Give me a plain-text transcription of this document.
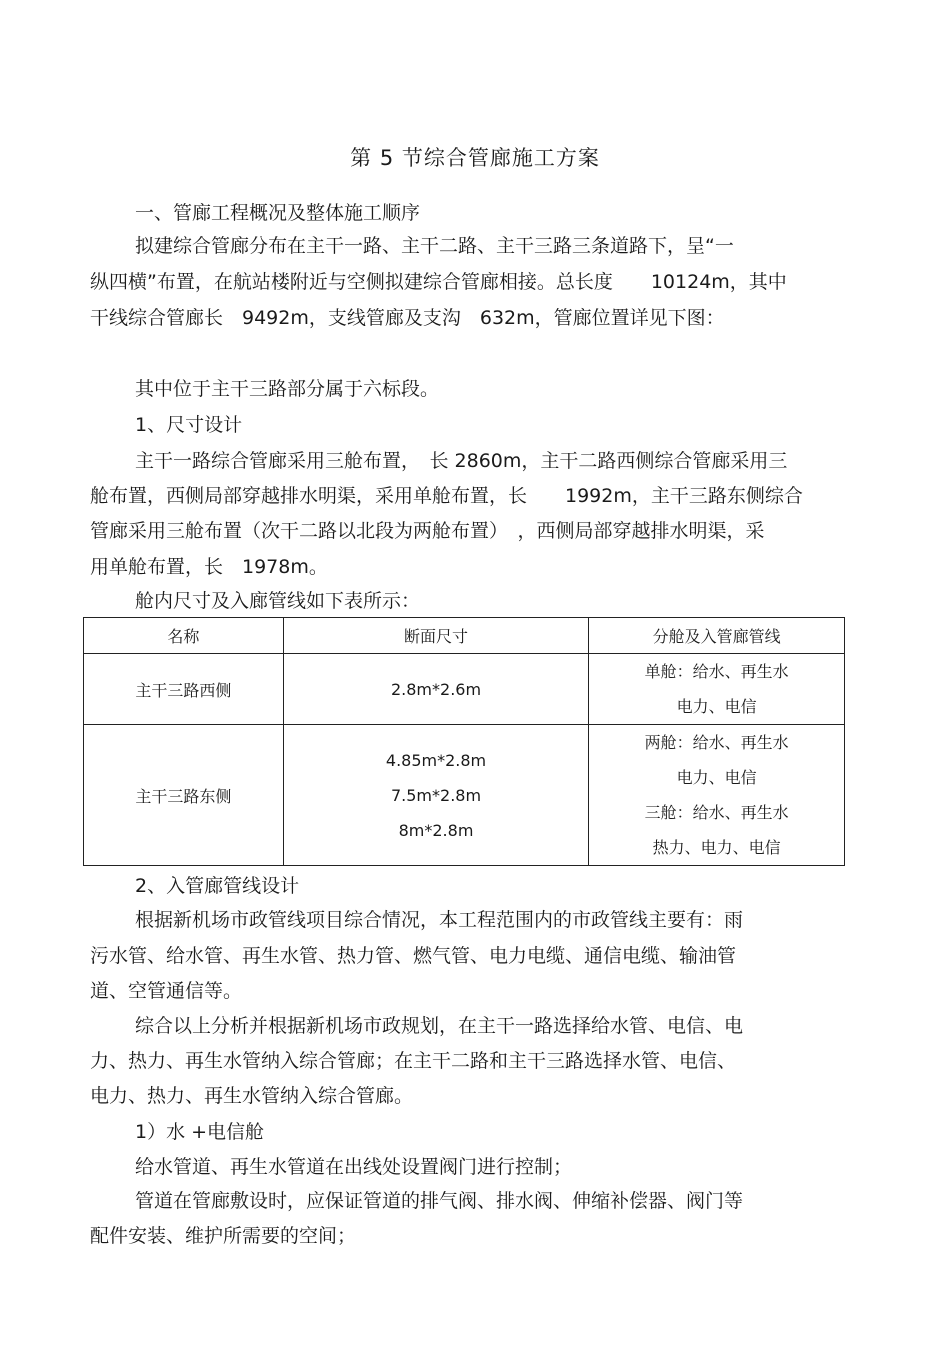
第 5 节综合管廊施工方案
一、管廊工程概况及整体施工顺序
拟建综合管廊分布在主干一路、主干二路、主干三路三条道路下，呈“一
纵四横”布置，在航站楼附近与空侧拟建综合管廊相接。总长度　　10124m，其中
干线综合管廊长　9492m，支线管廊及支沟　632m，管廊位置详见下图：
其中位于主干三路部分属于六标段。
1、尺寸设计
主干一路综合管廊采用三舱布置，　长 2860m，主干二路西侧综合管廊采用三
舱布置，西侧局部穿越排水明渠，采用单舱布置，长　　1992m，主干三路东侧综合
管廊采用三舱布置（次干二路以北段为两舱布置）　，西侧局部穿越排水明渠，采
用单舱布置，长　1978m。
舱内尺寸及入廊管线如下表所示：
名称	断面尺寸	分舱及入管廊管线
主干三路西侧	2.8m*2.6m	单舱：给水、再生水
电力、电信

主干三路东侧	4.85m*2.8m
7.5m*2.8m
8m*2.8m	两舱：给水、再生水
电力、电信
三舱：给水、再生水
热力、电力、电信
2、入管廊管线设计
根据新机场市政管线项目综合情况，本工程范围内的市政管线主要有：雨
污水管、给水管、再生水管、热力管、燃气管、电力电缆、通信电缆、输油管
道、空管通信等。
综合以上分析并根据新机场市政规划，在主干一路选择给水管、电信、电
力、热力、再生水管纳入综合管廊；在主干二路和主干三路选择水管、电信、
电力、热力、再生水管纳入综合管廊。
1）水 +电信舱
给水管道、再生水管道在出线处设置阀门进行控制；
管道在管廊敷设时，应保证管道的排气阀、排水阀、伸缩补偿器、阀门等
配件安装、维护所需要的空间；
